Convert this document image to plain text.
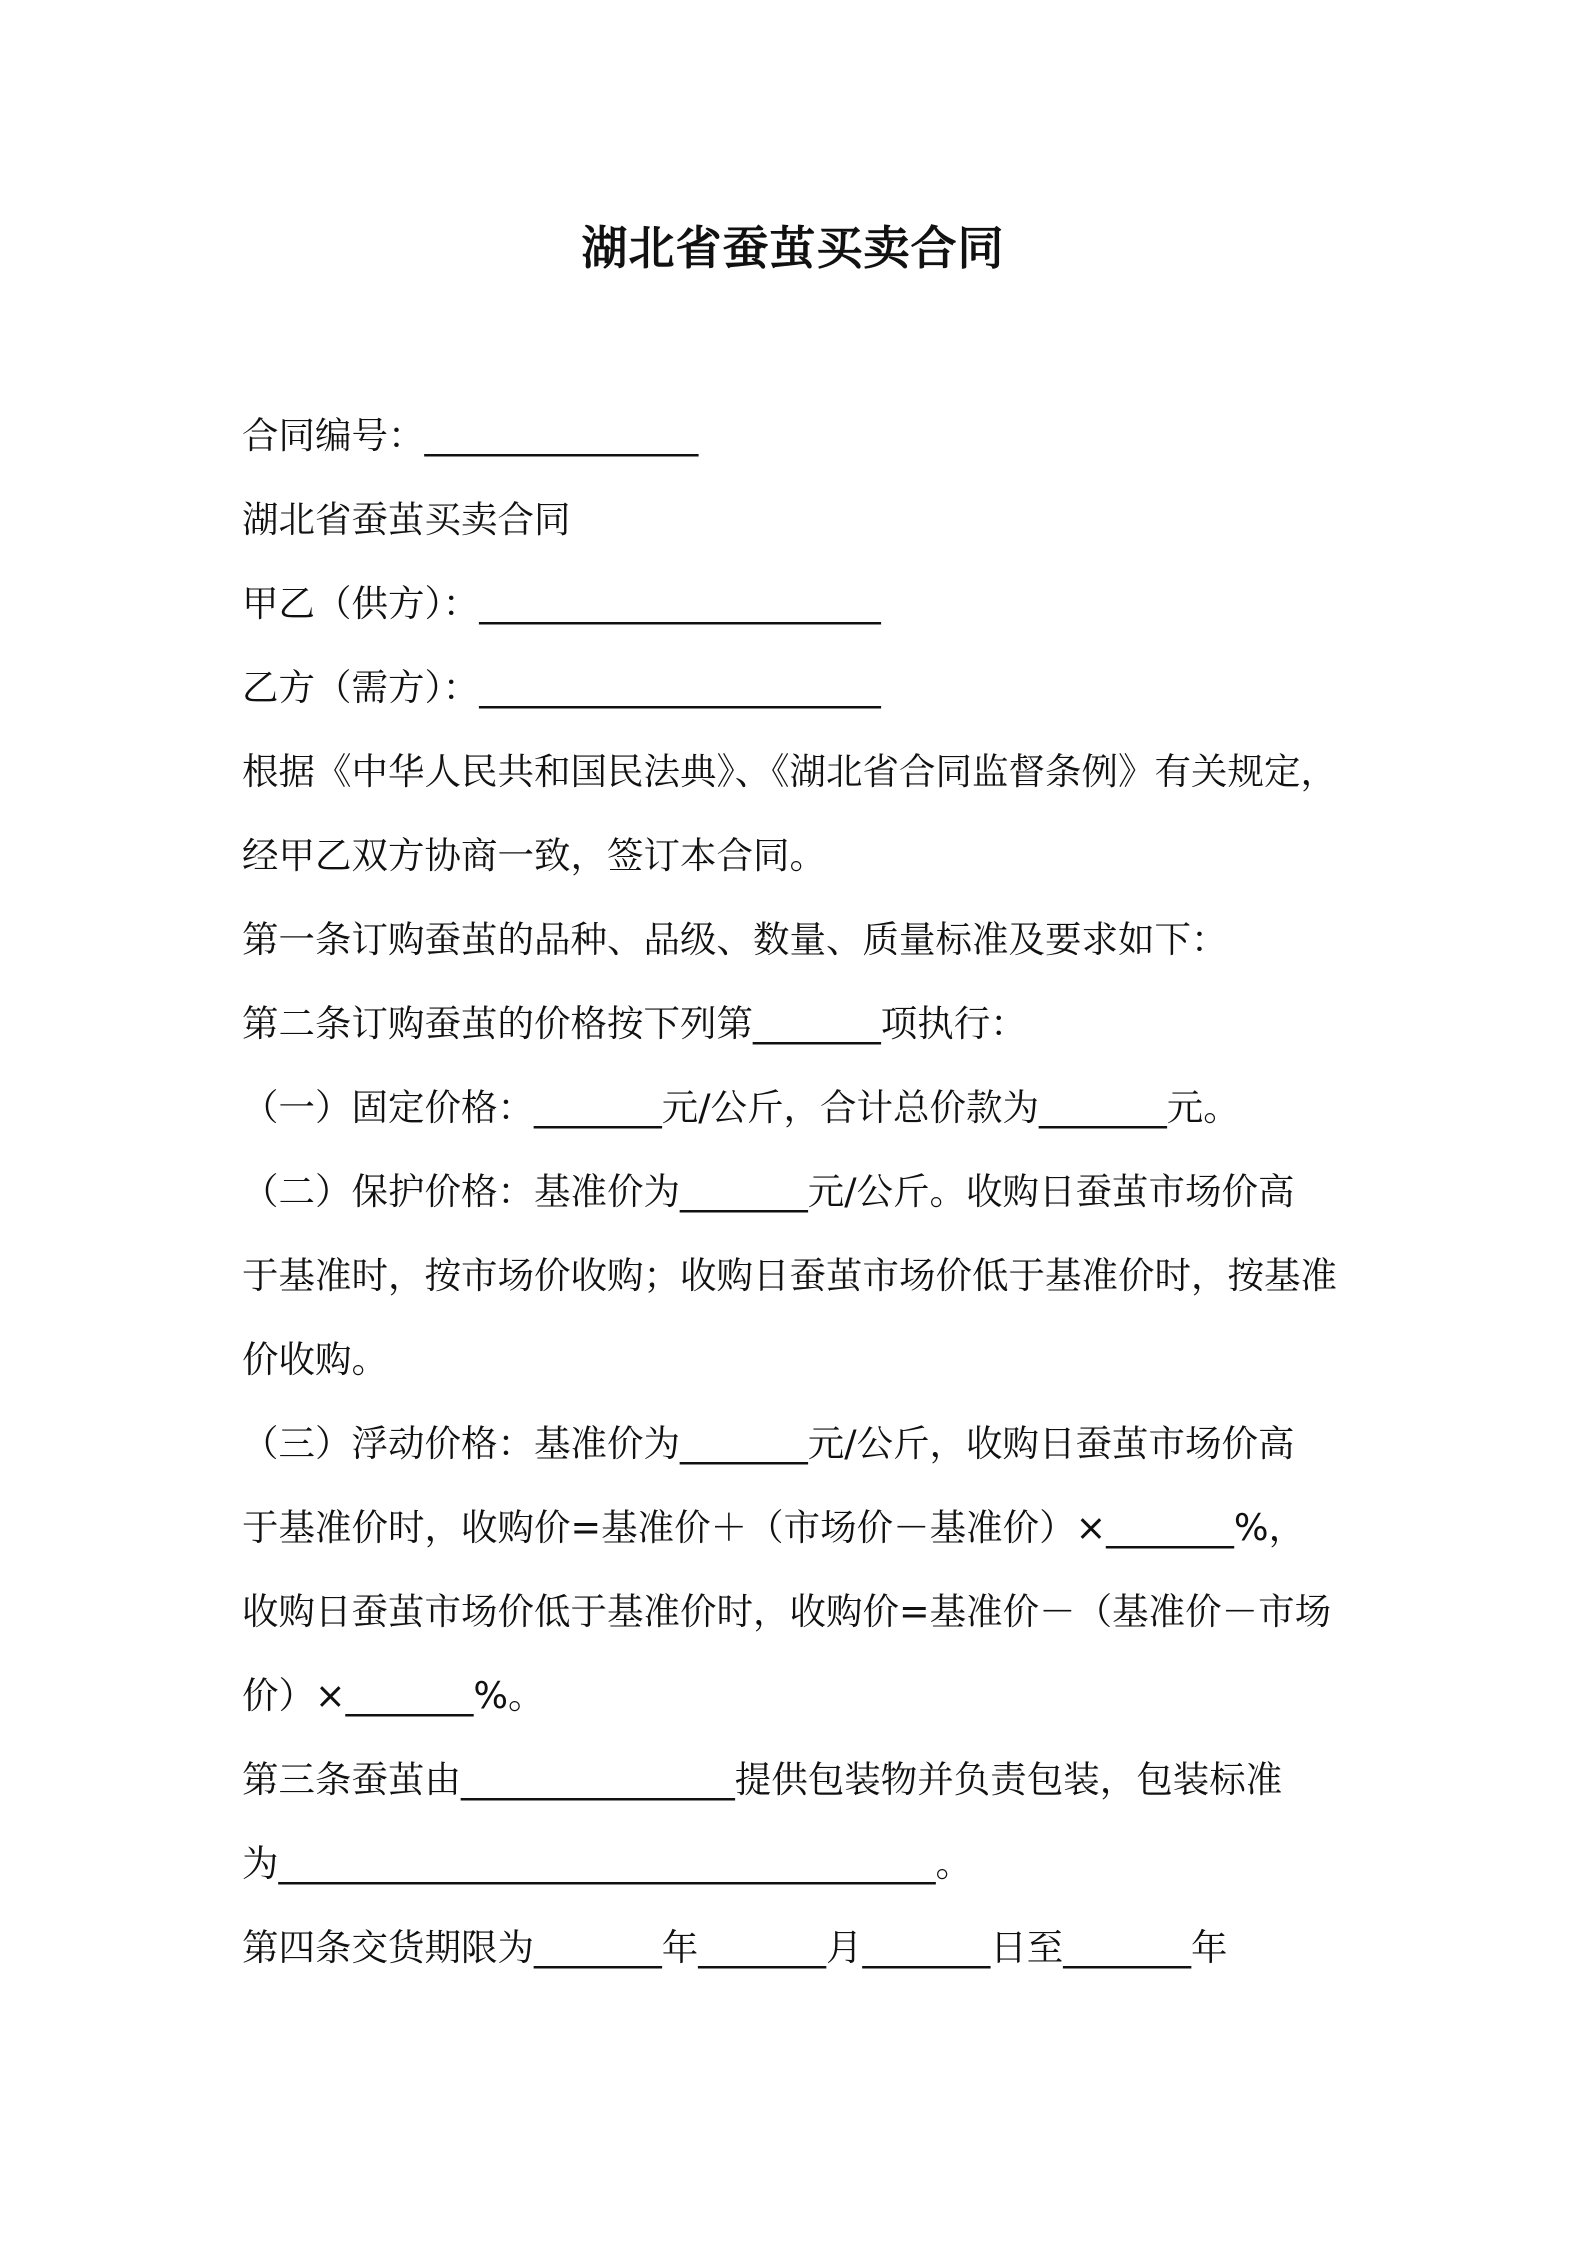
湖北省蚕茧买卖合同
合同编号：_______________
湖北省蚕茧买卖合同
甲乙（供方）：______________________
乙方（需方）：______________________
根据《中华人民共和国民法典》、《湖北省合同监督条例》有关规定，
经甲乙双方协商一致，签订本合同。
第一条订购蚕茧的品种、品级、数量、质量标准及要求如下：
第二条订购蚕茧的价格按下列第_______项执行：
（一）固定价格：_______元/公斤，合计总价款为_______元。
（二）保护价格：基准价为_______元/公斤。收购日蚕茧市场价高
于基准时，按市场价收购；收购日蚕茧市场价低于基准价时，按基准
价收购。
（三）浮动价格：基准价为_______元/公斤，收购日蚕茧市场价高
于基准价时，收购价=基准价＋（市场价－基准价）×_______%，
收购日蚕茧市场价低于基准价时，收购价=基准价－（基准价－市场
价）×_______%。
第三条蚕茧由_______________提供包装物并负责包装，包装标准
为____________________________________。
第四条交货期限为_______年_______月_______日至_______年
